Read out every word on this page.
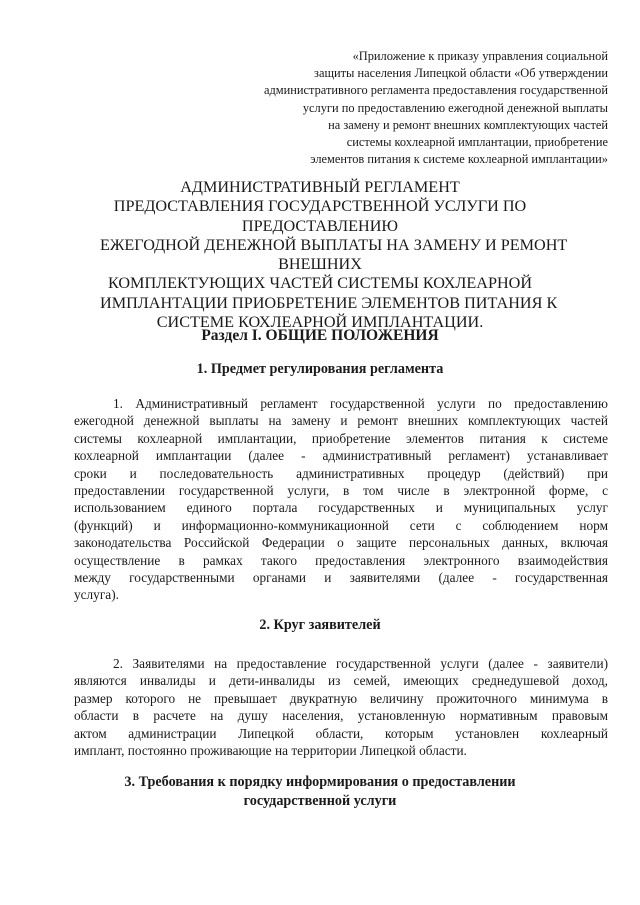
«Приложение к приказу управления социальной
защиты населения Липецкой области «Об утверждении
административного регламента предоставления государственной
услуги по предоставлению ежегодной денежной выплаты
на замену и ремонт внешних комплектующих частей
системы кохлеарной имплантации, приобретение
элементов питания к системе кохлеарной имплантации»
АДМИНИСТРАТИВНЫЙ РЕГЛАМЕНТ
ПРЕДОСТАВЛЕНИЯ ГОСУДАРСТВЕННОЙ УСЛУГИ ПО
ПРЕДОСТАВЛЕНИЮ
ЕЖЕГОДНОЙ ДЕНЕЖНОЙ ВЫПЛАТЫ НА ЗАМЕНУ И РЕМОНТ
ВНЕШНИХ
КОМПЛЕКТУЮЩИХ ЧАСТЕЙ СИСТЕМЫ КОХЛЕАРНОЙ
ИМПЛАНТАЦИИ ПРИОБРЕТЕНИЕ ЭЛЕМЕНТОВ ПИТАНИЯ К
СИСТЕМЕ КОХЛЕАРНОЙ ИМПЛАНТАЦИИ.
Раздел I. ОБЩИЕ ПОЛОЖЕНИЯ
1. Предмет регулирования регламента
1. Административный регламент государственной услуги по предоставлению
ежегодной денежной выплаты на замену и ремонт внешних комплектующих частей
системы кохлеарной имплантации, приобретение элементов питания к системе
кохлеарной имплантации (далее - административный регламент) устанавливает
сроки и последовательность административных процедур (действий) при
предоставлении государственной услуги, в том числе в электронной форме, с
использованием единого портала государственных и муниципальных услуг
(функций) и информационно-коммуникационной сети с соблюдением норм
законодательства Российской Федерации о защите персональных данных, включая
осуществление в рамках такого предоставления электронного взаимодействия
между государственными органами и заявителями (далее - государственная
услуга).
2. Круг заявителей
2. Заявителями на предоставление государственной услуги (далее - заявители)
являются инвалиды и дети-инвалиды из семей, имеющих среднедушевой доход,
размер которого не превышает двукратную величину прожиточного минимума в
области в расчете на душу населения, установленную нормативным правовым
актом администрации Липецкой области, которым установлен кохлеарный
имплант, постоянно проживающие на территории Липецкой области.
3. Требования к порядку информирования о предоставлении
государственной услуги
